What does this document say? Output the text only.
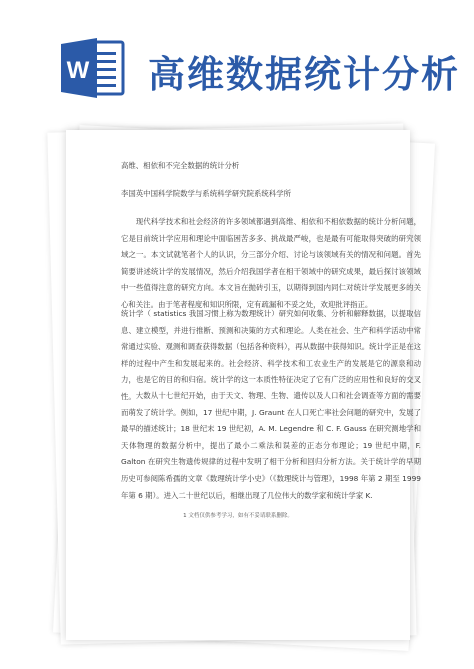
W 高维数据统计分析
高维、相依和不完全数据的统计分析
李国英中国科学院数学与系统科学研究院系统科学所
现代科学技术和社会经济的许多领域都遇到高维、相依和不相依数据的统计分析问题，它是目前统计学应用和理论中面临困苦多多、挑战最严峻，也是最有可能取得突破的研究领域之一。本文试就笔者个人的认识，分三部分介绍、讨论与该领域有关的情况和问题。首先简要讲述统计学的发展情况，然后介绍我国学者在相干领域中的研究成果，最后探讨该领域中一些值得注意的研究方向。本文旨在抛砖引玉，以期得到国内同仁对统计学发展更多的关心和关注。由于笔者程度和知识所限，定有疏漏和不妥之处，欢迎批评指正。
统计学（ statistics 我国习惯上称为数理统计）研究如何收集、分析和解释数据，以提取信息、建立模型，并进行推断、预测和决策的方式和理论。人类在社会、生产和科学活动中常常通过实验、观测和调查获得数据（包括各种资料），再从数据中获得知识。统计学正是在这样的过程中产生和发展起来的。社会经济、科学技术和工农业生产的发展是它的源泉和动力，也是它的目的和归宿。统计学的这一本质性特征决定了它有广泛的应用性和良好的交叉性。 大数从十七世纪开始，由于天文、物理、生物、遗传以及人口和社会调查等方面的需要而萌发了统计学。例如，17 世纪中期，J. Graunt 在人口死亡率社会问题的研究中，发展了最早的描述统计；18 世纪末 19 世纪初，A. M. Legendre 和 C. F. Gauss 在研究测地学和天体物理的数据分析中，提出了最小二乘法和误差的正态分布理论；19 世纪中期，F. Galton 在研究生物遗传规律的过程中发明了相干分析和回归分析方法。关于统计学的早期历史可参阅陈希孺的文章《数理统计学小史》（《数理统计与管理》，1998 年第 2 期至 1999 年第 6 期）。进入二十世纪以后，相继出现了几位伟大的数学家和统计学家 K.
1 文档仅供参考学习，如有不妥请联系删除。
